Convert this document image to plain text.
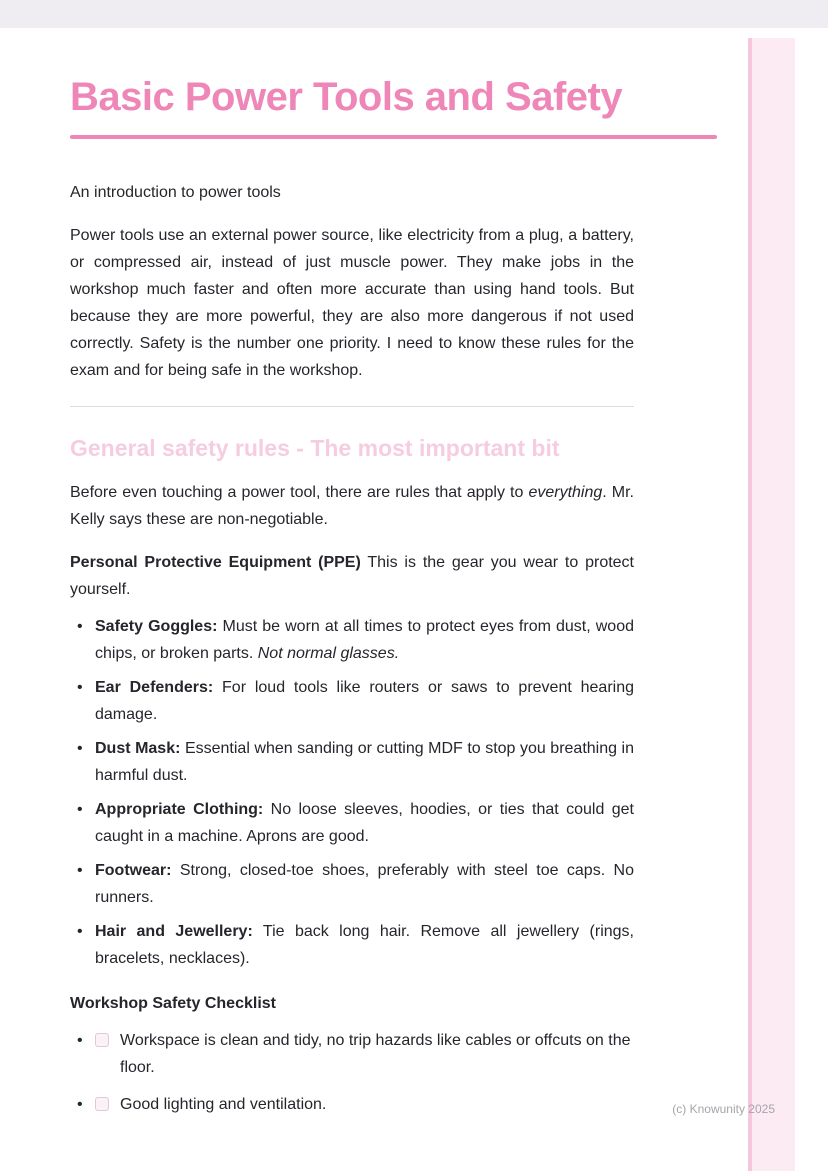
Basic Power Tools and Safety

An introduction to power tools

Power tools use an external power source, like electricity from a plug, a battery, or compressed air, instead of just muscle power. They make jobs in the workshop much faster and often more accurate than using hand tools. But because they are more powerful, they are also more dangerous if not used correctly. Safety is the number one priority. I need to know these rules for the exam and for being safe in the workshop.

General safety rules - The most important bit

Before even touching a power tool, there are rules that apply to everything. Mr. Kelly says these are non-negotiable.

Personal Protective Equipment (PPE) This is the gear you wear to protect yourself.

• Safety Goggles: Must be worn at all times to protect eyes from dust, wood chips, or broken parts. Not normal glasses.
• Ear Defenders: For loud tools like routers or saws to prevent hearing damage.
• Dust Mask: Essential when sanding or cutting MDF to stop you breathing in harmful dust.
• Appropriate Clothing: No loose sleeves, hoodies, or ties that could get caught in a machine. Aprons are good.
• Footwear: Strong, closed-toe shoes, preferably with steel toe caps. No runners.
• Hair and Jewellery: Tie back long hair. Remove all jewellery (rings, bracelets, necklaces).

Workshop Safety Checklist

• Workspace is clean and tidy, no trip hazards like cables or offcuts on the floor.
• Good lighting and ventilation.	(c) Knowunity 2025
